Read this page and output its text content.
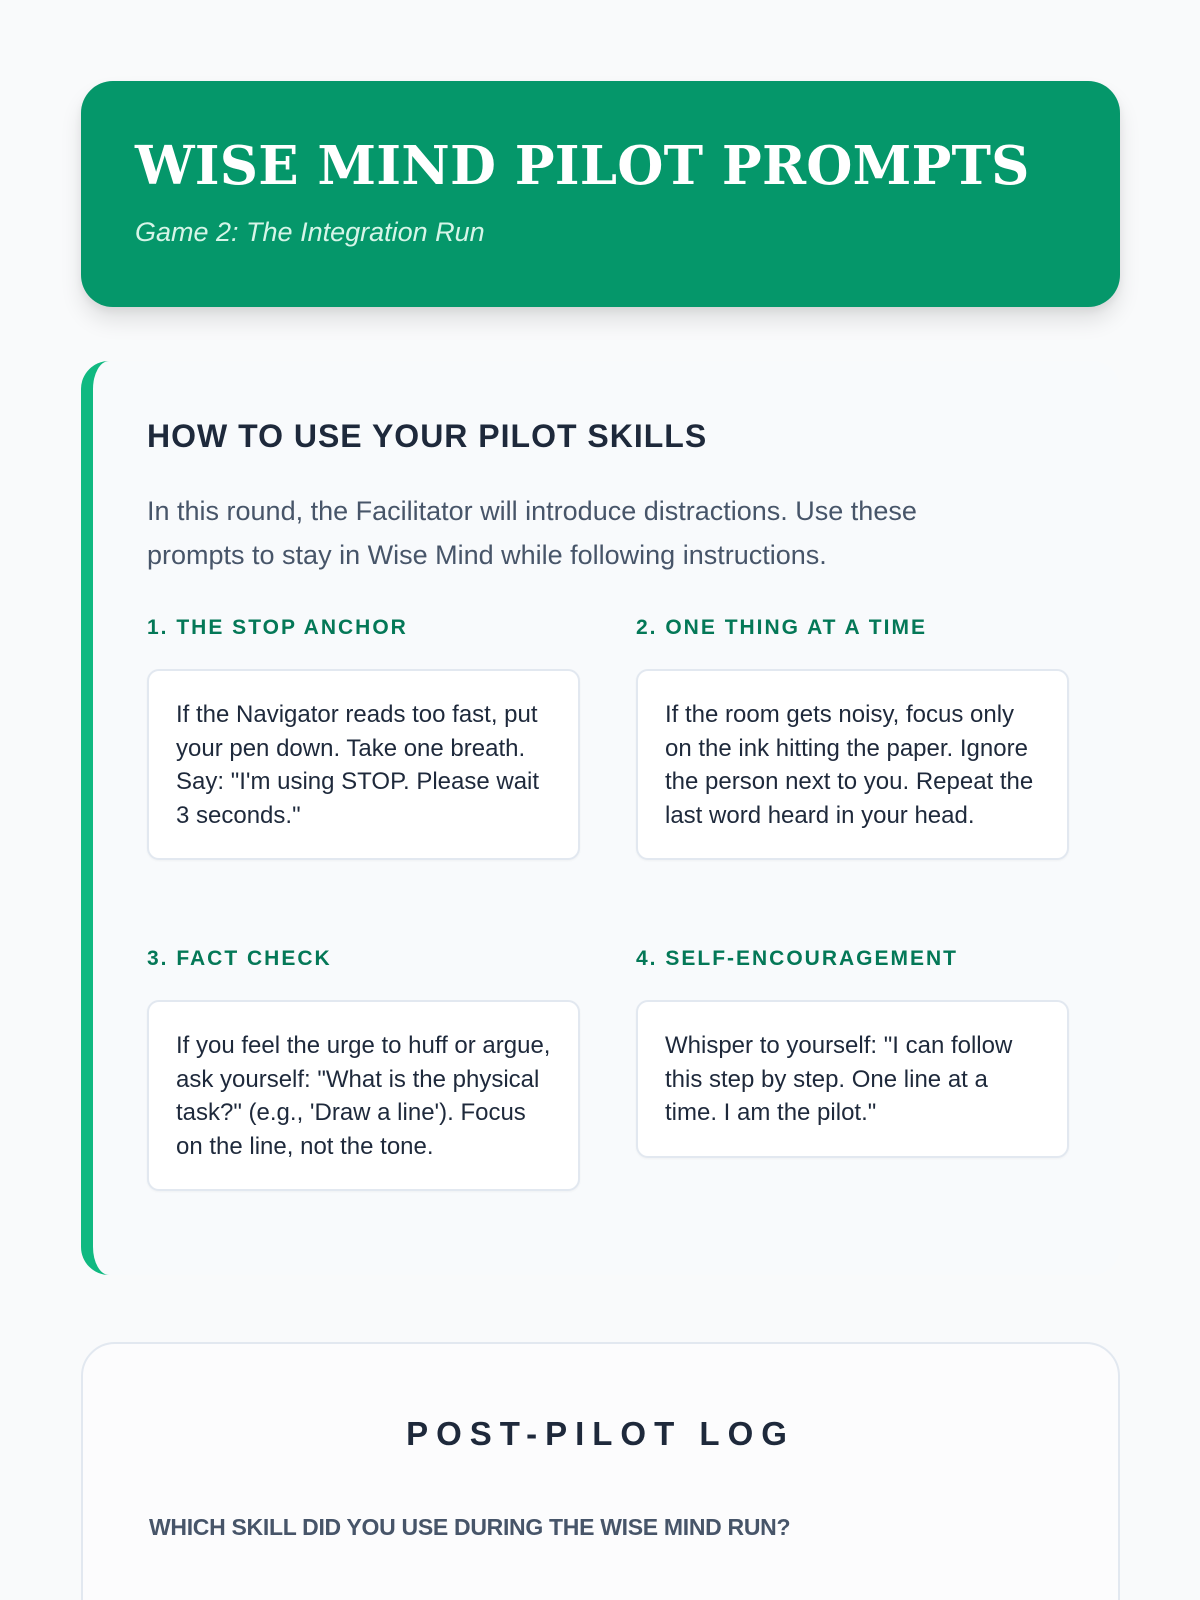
WISE MIND PILOT PROMPTS
Game 2: The Integration Run
HOW TO USE YOUR PILOT SKILLS
In this round, the Facilitator will introduce distractions. Use these prompts to stay in Wise Mind while following instructions.
1. THE STOP ANCHOR
If the Navigator reads too fast, put your pen down. Take one breath. Say: "I'm using STOP. Please wait 3 seconds."
2. ONE THING AT A TIME
If the room gets noisy, focus only on the ink hitting the paper. Ignore the person next to you. Repeat the last word heard in your head.
3. FACT CHECK
If you feel the urge to huff or argue, ask yourself: "What is the physical task?" (e.g., 'Draw a line'). Focus on the line, not the tone.
4. SELF-ENCOURAGEMENT
Whisper to yourself: "I can follow this step by step. One line at a time. I am the pilot."
POST-PILOT LOG
WHICH SKILL DID YOU USE DURING THE WISE MIND RUN?
